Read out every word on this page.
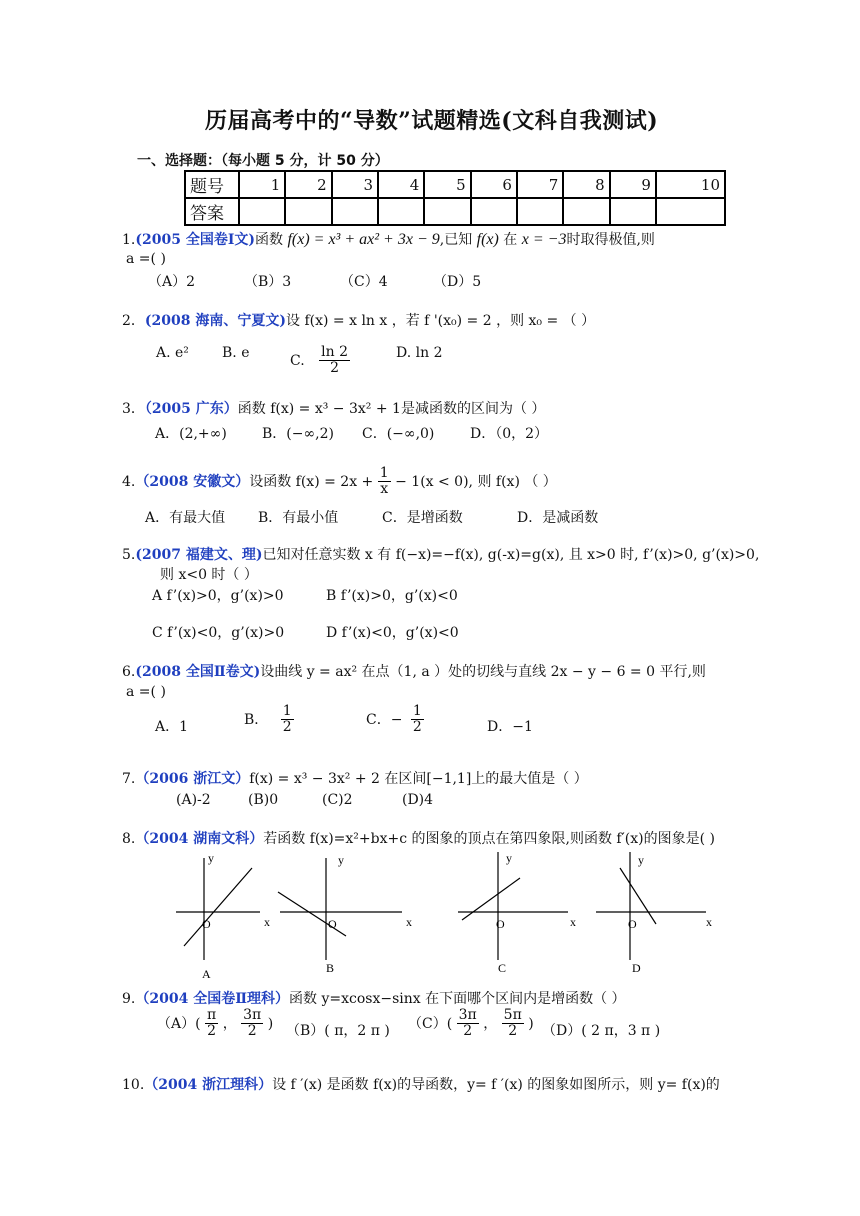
历届高考中的“导数”试题精选(文科自我测试)
一、选择题：（每小题 5 分，计 50 分）
题号	1	2	3	4	5	6	7	8	9	10
答案										
1.(2005 全国卷Ⅰ文)函数 f(x) = x³ + ax² + 3x − 9,已知 f(x) 在 x = −3时取得极值,则
a =( )
（A）2	（B）3	（C）4	（D）5
2．(2008 海南、宁夏文)设 f(x) = x ln x ，若 f '(x₀) = 2 ，则 x₀ = （ ）
A. e² B. e	C. $\frac{\ln 2}{2}$	D. ln 2
3．（2005 广东）函数 f(x) = x³ − 3x² + 1是减函数的区间为（ ）
A．(2,+∞)	B．(−∞,2) C．(−∞,0)	D．（0，2）
4.（2008 安徽文）设函数 $f(x) = 2x + \frac{1}{x} - 1(x < 0)$, 则 f(x) （ ）
A．有最大值 B．有最小值	C．是增函数	D．是减函数
5.(2007 福建文、理)已知对任意实数 x 有 f(−x)=−f(x), g(-x)=g(x), 且 x>0 时, f’(x)>0, g’(x)>0,
则 x<0 时（ ）
A f’(x)>0，g’(x)>0	B f’(x)>0，g’(x)<0
C f’(x)<0，g’(x)>0	D f’(x)<0，g’(x)<0
6.(2008 全国Ⅱ卷文)设曲线 y = ax² 在点（1, a ）处的切线与直线 2x − y − 6 = 0 平行,则
a =( )
A．1	B． $\frac{1}{2}$	C．− $\frac{1}{2}$	D．−1
7.（2006 浙江文）f(x) = x³ − 3x² + 2 在区间[−1,1]上的最大值是（ ）
(A)-2	(B)0	(C)2	(D)4
8.（2004 湖南文科）若函数 f(x)=x²+bx+c 的图象的顶点在第四象限,则函数 f′(x)的图象是( )
y
x
O
A
y
x
O
B
y
x
O
C
y
x
O
D
9.（2004 全国卷Ⅱ理科）函数 y=xcosx−sinx 在下面哪个区间内是增函数（ ）
$(A)( \frac{\pi}{2}$ ， $\frac{3\pi}{2}$ ) （B）( π，2 π ) $(C)( \frac{3\pi}{2}$ ， $\frac{5\pi}{2}$ ) （D）( 2 π，3 π )
10.（2004 浙江理科）设 f ′(x) 是函数 f(x)的导函数，y= f ′(x) 的图象如图所示，则 y= f(x)的
